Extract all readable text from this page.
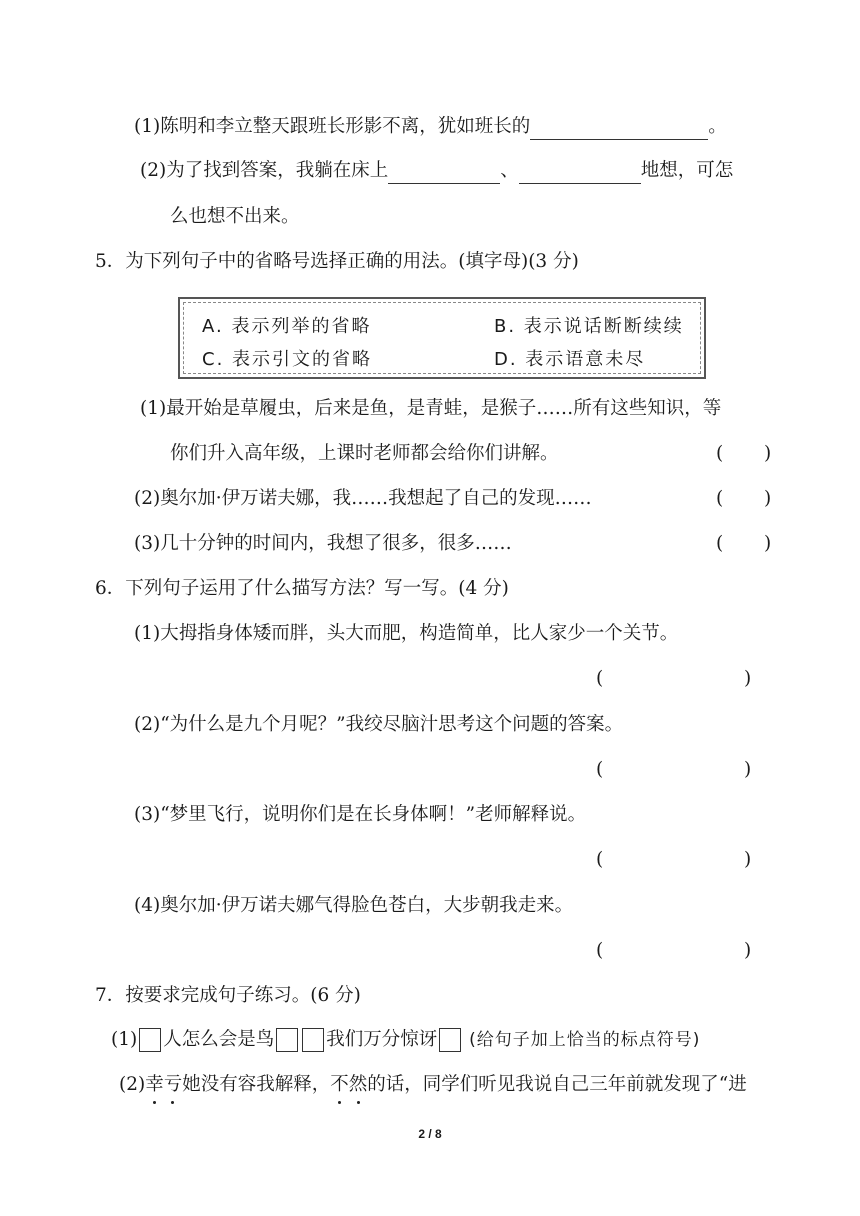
(1)陈明和李立整天跟班长形影不离，犹如班长的	。
(2)为了找到答案，我躺在床上	、	地想，可怎
么也想不出来。
5．为下列句子中的省略号选择正确的用法。(填字母)(3 分)
A. 表示列举的省略	B. 表示说话断断续续
C. 表示引文的省略	D. 表示语意未尽
(1)最开始是草履虫，后来是鱼，是青蛙，是猴子……所有这些知识，等
你们升入高年级，上课时老师都会给你们讲解。	( )
(2)奥尔加·伊万诺夫娜，我……我想起了自己的发现……	( )
(3)几十分钟的时间内，我想了很多，很多……	( )
6．下列句子运用了什么描写方法？写一写。(4 分)
(1)大拇指身体矮而胖，头大而肥，构造简单，比人家少一个关节。
(	)
(2)“为什么是九个月呢？”我绞尽脑汁思考这个问题的答案。
(	)
(3)“梦里飞行，说明你们是在长身体啊！”老师解释说。
(	)
(4)奥尔加·伊万诺夫娜气得脸色苍白，大步朝我走来。
(	)
7．按要求完成句子练习。(6 分)
(1) 人怎么会是鸟	我们万分惊讶 (给句子加上恰当的标点符号)
(2)幸亏她没有容我解释，不然的话，同学们听见我说自己三年前就发现了“进
2 / 8
